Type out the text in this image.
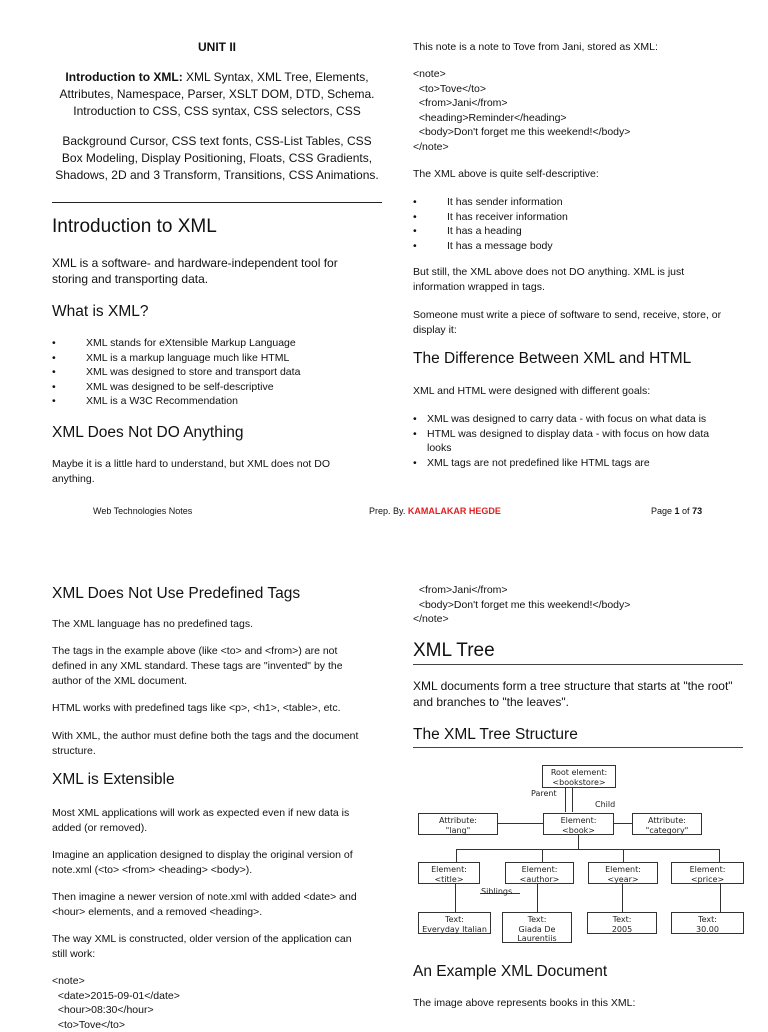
UNIT II
Introduction to XML: XML Syntax, XML Tree, Elements, Attributes, Namespace, Parser, XSLT DOM, DTD, Schema. Introduction to CSS, CSS syntax, CSS selectors, CSS
Background Cursor, CSS text fonts, CSS-List Tables, CSS Box Modeling, Display Positioning, Floats, CSS Gradients, Shadows, 2D and 3 Transform, Transitions, CSS Animations.
Introduction to XML
XML is a software- and hardware-independent tool for storing and transporting data.
What is XML?
• XML stands for eXtensible Markup Language
• XML is a markup language much like HTML
• XML was designed to store and transport data
• XML was designed to be self-descriptive
• XML is a W3C Recommendation
XML Does Not DO Anything
Maybe it is a little hard to understand, but XML does not DO anything.
This note is a note to Tove from Jani, stored as XML:
<note>
<to>Tove</to>
<from>Jani</from>
<heading>Reminder</heading>
<body>Don't forget me this weekend!</body>
</note>
The XML above is quite self-descriptive:
• It has sender information
• It has receiver information
• It has a heading
• It has a message body
But still, the XML above does not DO anything. XML is just information wrapped in tags.
Someone must write a piece of software to send, receive, store, or display it:
The Difference Between XML and HTML
XML and HTML were designed with different goals:
• XML was designed to carry data - with focus on what data is
• HTML was designed to display data - with focus on how data looks
• XML tags are not predefined like HTML tags are
Web Technologies Notes	Prep. By. KAMALAKAR HEGDE	Page 1 of 73
XML Does Not Use Predefined Tags
The XML language has no predefined tags.
The tags in the example above (like <to> and <from>) are not defined in any XML standard. These tags are "invented" by the author of the XML document.
HTML works with predefined tags like <p>, <h1>, <table>, etc.
With XML, the author must define both the tags and the document structure.
XML is Extensible
Most XML applications will work as expected even if new data is added (or removed).
Imagine an application designed to display the original version of note.xml (<to> <from> <heading> <body>).
Then imagine a newer version of note.xml with added <date> and <hour> elements, and a removed <heading>.
The way XML is constructed, older version of the application can still work:
<note>
<date>2015-09-01</date>
<hour>08:30</hour>
<to>Tove</to>
<from>Jani</from>
<body>Don't forget me this weekend!</body>
</note>
XML Tree
XML documents form a tree structure that starts at "the root" and branches to "the leaves".
The XML Tree Structure
Root element:
<bookstore>
Parent
Child
Attribute:
"lang"
Element:
<book>
Attribute:
"category"
Element:
<title>
Element:
<author>
Element:
<year>
Element:
<price>
Siblings
Text:
Everyday Italian
Text:
Giada De
Laurentiis
Text:
2005
Text:
30.00
An Example XML Document
The image above represents books in this XML:
